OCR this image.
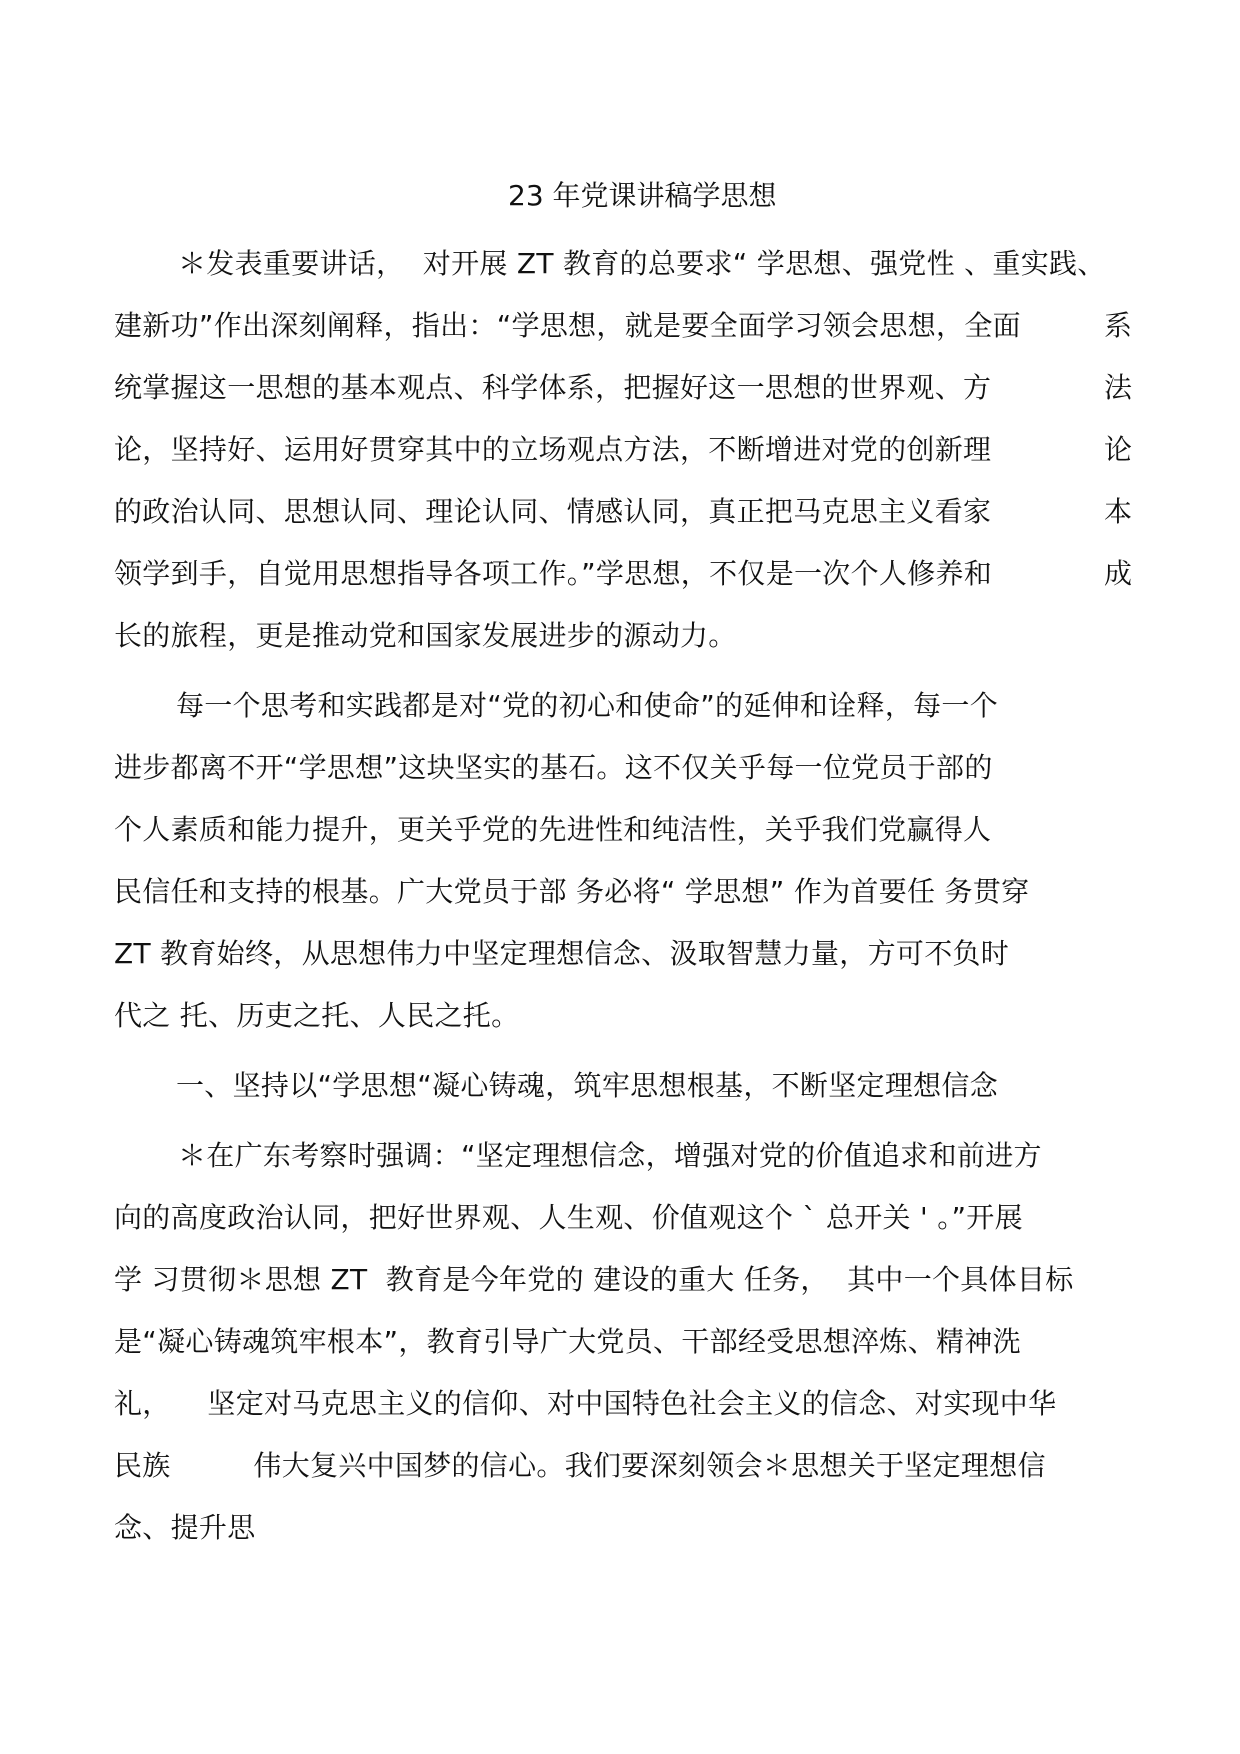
23 年党课讲稿学思想
＊发表重要讲话，  对开展 ZT 教育的总要求“ 学思想、强党性 、重实践、
建新功”作出深刻阐释，指出：“学思想，就是要全面学习领会思想，全面	系
统掌握这一思想的基本观点、科学体系，把握好这一思想的世界观、方	法
论，坚持好、运用好贯穿其中的立场观点方法，不断增进对党的创新理	论
的政治认同、思想认同、理论认同、情感认同，真正把马克思主义看家	本
领学到手，自觉用思想指导各项工作。”学思想，不仅是一次个人修养和	成
长的旅程，更是推动党和国家发展进步的源动力。
每一个思考和实践都是对“党的初心和使命”的延伸和诠释，每一个
进步都离不开“学思想”这块坚实的基石。这不仅关乎每一位党员于部的
个人素质和能力提升，更关乎党的先进性和纯洁性，关乎我们党赢得人
民信任和支持的根基。广大党员于部 务必将“ 学思想” 作为首要任 务贯穿
ZT 教育始终，从思想伟力中坚定理想信念、汲取智慧力量，方可不负时
代之 托、历吏之托、人民之托。
一、坚持以“学思想“凝心铸魂，筑牢思想根基，不断坚定理想信念
＊在广东考察时强调：“坚定理想信念，增强对党的价值追求和前进方
向的高度政治认同，把好世界观、人生观、价值观这个 ` 总开关 ' 。”开展
学 习贯彻＊思想 ZT  教育是今年党的 建设的重大 任务，  其中一个具体目标
是“凝心铸魂筑牢根本”，教育引导广大党员、干部经受思想淬炼、精神洗
礼，    坚定对马克思主义的信仰、对中国特色社会主义的信念、对实现中华
民族         伟大复兴中国梦的信心。我们要深刻领会＊思想关于坚定理想信
念、提升思
